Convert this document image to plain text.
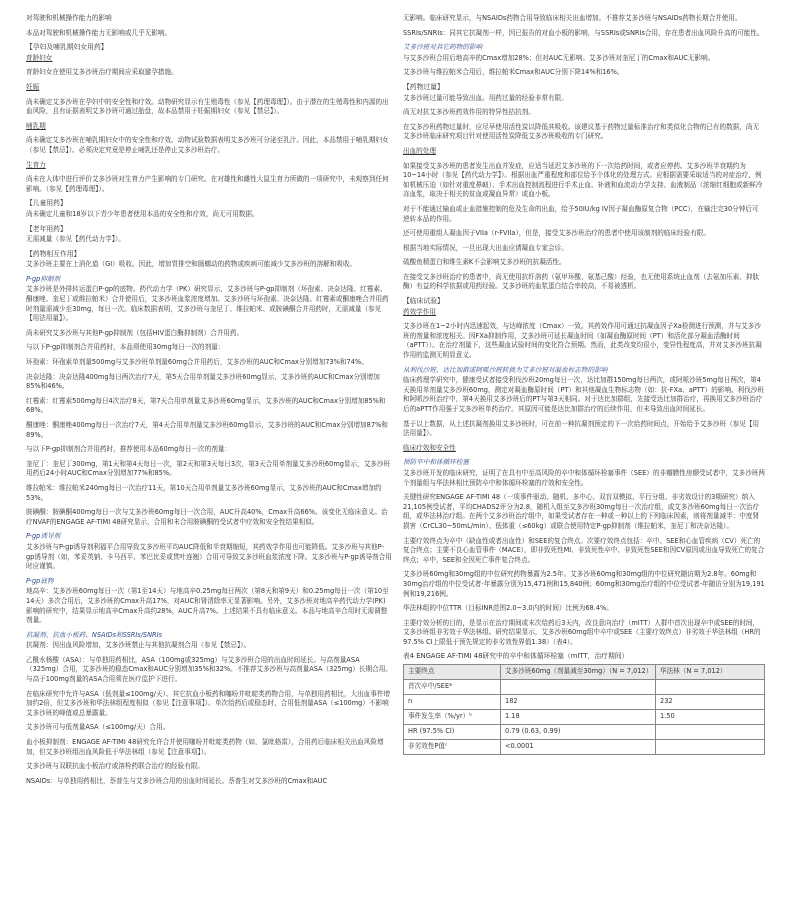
对驾驶和机械操作能力的影响

本品对驾驶和机械操作能力无影响或几乎无影响。

【孕妇及哺乳期妇女用药】

育龄妇女

育龄妇女在使用艾多沙班治疗期间应采取避孕措施。

妊娠

尚未确定艾多沙班在孕妇中的安全性和疗效。动物研究显示有生殖毒性（参见【药理毒理】）。由于潜在的生殖毒性和内源的出血风险，且有证据表明艾多沙班可通过胎盘，故本品禁用于妊娠期妇女（参见【禁忌】）。

哺乳期

尚未确定艾多沙班在哺乳期妇女中的安全性和疗效。动物试验数据表明艾多沙班可分泌至乳汁。因此，本品禁用于哺乳期妇女（参见【禁忌】）。必须决定究竟是停止哺乳还是停止艾多沙班治疗。

生育力

尚未在人体中进行评价艾多沙班对生育力产生影响的专门研究。在对雄性和雌性大鼠生育力所做的一项研究中，未观察到任何影响。（参见【药理毒理】）。

【儿童用药】

尚未确定儿童和18岁以下青少年患者使用本品的安全性和疗效，尚无可用数据。

【老年用药】

无需减量（参见【药代动力学】）。

【药物相互作用】

艾多沙班主要在上消化道（GI）吸收。因此，增加胃排空和肠蠕动的药物或疾病可能减少艾多沙班的溶解和吸收。

P-gp抑制剂

艾多沙班是外排转运蛋白P-gp的底物。药代动力学（PK）研究显示，艾多沙班与P-gp抑制剂（环孢素、决奈达隆、红霉素、酮康唑、奎尼丁或维拉帕米）合并使用后，艾多沙班血浆浓度增加。艾多沙班与环孢素、决奈达隆、红霉素或酮康唑合并用药时剂量需减少至30mg，每日一次。临床数据表明，艾多沙班与奎尼丁、维拉帕米、或胺碘酮合并用药时，无需减量（参见【用法用量】）。

尚未研究艾多沙班与其他P-gp抑制剂（包括HIV蛋白酶抑制剂）合并用药。

与以下P-gp抑制剂合并用药时，本品须使用30mg每日一次的剂量：

环孢素：环孢素单剂量500mg与艾多沙班单剂量60mg合并用药后，艾多沙班的AUC和Cmax分别增加73%和74%。

决奈达隆：决奈达隆400mg每日两次治疗7天，第5天合用单剂量艾多沙班60mg显示，艾多沙班的AUC和Cmax分别增加85%和46%。

红霉素：红霉素500mg每日4次治疗8天，第7天合用单剂量艾多沙班60mg显示，艾多沙班的AUC和Cmax分别增加85%和68%。

酮康唑：酮康唑400mg每日一次治疗7天，第4天合用单剂量艾多沙班60mg显示，艾多沙班的AUC和Cmax分别增加87%和89%。

与以下P-gp抑制剂合并用药时，推荐使用本品60mg每日一次的剂量：

奎尼丁：奎尼丁300mg，第1天和第4天每日一次，第2天和第3天每日3次，第3天合用单剂量艾多沙班60mg显示，艾多沙班用药后24小时AUC和Cmax分别增加77%和85%。

维拉帕米：维拉帕米240mg每日一次治疗11天，第10天合用单剂量艾多沙班60mg显示，艾多沙班的AUC和Cmax增加约53%。

胺碘酮：胺碘酮400mg每日一次与艾多沙班60mg每日一次合用，AUC升高40%，Cmax升高66%。该变化无临床意义。治疗NVAF的ENGAGE AF-TIMI 48研究显示，合用和未合用胺碘酮的受试者中疗效和安全性结果相似。

P-gp诱导剂

艾多沙班与P-gp诱导剂利福平合用导致艾多沙班平均AUC降低和半衰期缩短，其药效学作用也可能降低。艾多沙班与其他P-gp诱导剂（如，苯妥英钠、卡马西平、苯巴比妥或贯叶连翘）合用可导致艾多沙班血浆浓度下降。艾多沙班与P-gp诱导剂合用时应谨慎。

P-gp底物

地高辛：艾多沙班60mg每日一次（第1至14天）与地高辛0.25mg每日两次（第8天和第9天）和0.25mg每日一次（第10至14天）多次合用后，艾多沙班的Cmax升高17%，对AUC和肾清除率无显著影响。另外，艾多沙班对地高辛药代动力学(PK)影响的研究中，结果显示地高辛Cmax升高约28%，AUC升高7%。上述结果不具有临床意义。本品与地高辛合用时无需调整剂量。

抗凝剂、抗血小板药、NSAIDs和SSRIs/SNRIs

抗凝剂：因出血风险增加，艾多沙班禁止与其他抗凝剂合用（参见【禁忌】）。

乙酰水杨酸（ASA）：与单独用药相比，ASA（100mg或325mg）与艾多沙班合用的出血时间延长。与高剂量ASA（325mg）合用，艾多沙班的稳态Cmax和AUC分别增加35%和32%。不推荐艾多沙班与高剂量ASA（325mg）长期合用。与高于100mg剂量的ASA合用须在医疗监护下进行。

在临床研究中允许与ASA（低剂量≤100mg/天）、其它抗血小板药和噻吩并吡啶类药物合用，与单独用药相比，大出血事件增加约2倍，但艾多沙班和华法林组程度相似（参见【注意事项】）。单次给药后或稳态时，合用低剂量ASA（≤100mg）不影响艾多沙班的峰值或总暴露量。

艾多沙班可与低剂量ASA（≤100mg/天）合用。

血小板抑制剂：ENGAGE AF-TIMI 48研究允许合并使用噻吩并吡啶类药物（如，氯吡格雷），合用药后临床相关出血风险增加，但艾多沙班组出血风险低于华法林组（参见【注意事项】）。

艾多沙班与双联抗血小板治疗或溶栓药联合治疗的经验有限。

NSAIDs：与单独用药相比，萘普生与艾多沙班合用的出血时间延长。萘普生对艾多沙班的Cmax和AUC

无影响。临床研究显示，与NSAIDs药物合用导致临床相关出血增加。不推荐艾多沙班与NSAIDs药物长期合并使用。

SSRIs/SNRIs：同其它抗凝剂一样，因已报告的对血小板的影响，与SSRIs或SNRIs合用，存在患者出血风险升高的可能性。

艾多沙班对其它药物的影响

与艾多沙班合用后地高辛的Cmax增加28%；但对AUC无影响。艾多沙班对奎尼丁的Cmax和AUC无影响。

艾多沙班与维拉帕米合用后，维拉帕米Cmax和AUC分别下降14%和16%。

【药物过量】

艾多沙班过量可能导致出血。用药过量的经验非常有限。

尚无对抗艾多沙班药效作用的特异性拮抗剂。

在艾多沙班药物过量时，应尽早使用活性炭以降低其吸收。该建议基于药物过量标准治疗和类似化合物的已有的数据，尚无艾多沙班临床研究项目针对使用活性炭降低艾多沙班吸收的专门研究。

出血的处理

如果接受艾多沙班的患者发生出血并发症，应适当延迟艾多沙班的下一次给药时间，或者应停药。艾多沙班半衰期约为10~14小时（参见【药代动力学】）。根据出血严重程度和部位给予个体化的处理方式。应根据需要采取适当的对症治疗，例如机械压迫（如针对重度鼻衄）、手术出血控制流程进行手术止血、补液和血流动力学支持、血液制品（浓缩红细胞或新鲜冷冻血浆，取决于相关的贫血或凝血异常）或血小板。

对于不能通过输血或止血措施控制的危及生命的出血，给予50IU/kg IV因子凝血酶原复合物（PCC），在输注完30分钟后可逆转本品的作用。

还可使用重组人凝血因子VIIa（r-FVIIa），但是，接受艾多沙班治疗的患者中使用该制剂的临床经验有限。

根据当地实际情况，一旦出现大出血应请凝血专家会诊。

硫酸鱼精蛋白和维生素K不会影响艾多沙班的抗凝活性。

在接受艾多沙班治疗的患者中，尚无使用抗纤溶药（氨甲环酸、氨基己酸）经验，也无使用系统止血剂（去氨加压素、抑肽酶）有益的科学依据或用药经验。艾多沙班的血浆蛋白结合率较高，不易被透析。

【临床试验】

药效学作用

艾多沙班在1~2小时内迅速起效，与达峰浓度（Cmax）一致。其药效作用可通过抗凝血因子Xa检测进行预测，并与艾多沙班的剂量和浓度相关。因FXa抑制作用，艾多沙班可延长凝血时间（如凝血酶原时间（PT）和活化部分凝血活酶时间（aPTT））。在治疗剂量下，这些凝血试验时间的变化符合预期。然而，此类改变均很小，变异性程度高，并对艾多沙班抗凝作用的监测无明显意义。

从利伐沙班、达比加群或阿哌沙班转换为艾多沙班对凝血标志物的影响

临床药理学研究中，健康受试者接受利伐沙班20mg每日一次，达比加群150mg每日两次，或阿哌沙班5mg每日两次，第4天换用单剂量艾多沙班60mg，测定对凝血酶原时间（PT）和其他凝血生物标志物（如：抗-FXa、aPTT）的影响。利伐沙班和阿哌沙班治疗中，第4天换用艾多沙班后的PT与第3天相同。对于达比加群组，先接受达比加群治疗，再换用艾多沙班治疗后的aPTT作用强于艾多沙班单药治疗。其原因可能是达比加群治疗的后续作用，但未导致出血时间延长。

基于以上数据，从上述抗凝剂换用艾多沙班时，可在前一种抗凝剂预定的下一次给药时间点，开始给予艾多沙班（参见【用法用量】）。

临床疗效和安全性

预防卒中和体循环栓塞

艾多沙班开发的临床研究，证明了在具有中至高风险的卒中和体循环栓塞事件（SEE）的非瓣膜性房颤受试者中，艾多沙班两个剂量组与华法林相比预防卒中和体循环栓塞的疗效和安全性。

关键性研究ENGAGE AF-TIMI 48（一项事件驱动、随机、多中心、双盲双模拟、平行分组、非劣效设计的3期研究）纳入21,105例受试者，平均CHADS2评分为2.8，随机入组至艾多沙班30mg每日一次治疗组，或艾多沙班60mg每日一次治疗组，或华法林治疗组。在两个艾多沙班治疗组中，如果受试者存在一种或一种以上的下列临床因素，则将剂量减半：中度肾损害（CrCL30~50mL/min）、低体重（≤60kg）或联合使用特定P-gp抑制剂（维拉帕米，奎尼丁和决奈达隆）。

主要疗效终点为卒中（缺血性或者出血性）和SEE的复合终点。次要疗效终点包括：卒中、SEE和心血管疾病（CV）死亡的复合终点；主要不良心血管事件（MACE），即非致死性MI、非致死性卒中、非致死性SEE和因CV原因或出血导致死亡的复合终点；卒中，SEE和全因死亡事件复合终点。

艾多沙班60mg和30mg组的中位研究药物暴露为2.5年。艾多沙班60mg和30mg组的中位研究随访期为2.8年。60mg和30mg治疗组的中位受试者-年暴露分别为15,471例和15,840例；60mg和30mg治疗组的中位受试者-年随访分别为19,191例和19,216例。

华法林组的中位TTR（目标INR范围2.0~3.0内的时间）比例为68.4%。

主要疗效分析的目的，是显示在治疗期间或末次给药后3天内，改良意向治疗（mITT）人群中首次出现卒中或SEE的时间，艾多沙班组非劣效于华法林组。研究结果显示，艾多沙班60mg组中卒中或SEE（主要疗效终点）非劣效于华法林组（HR的97.5% CI上限低于预先规定的非劣效性界值1.38）（表4）。

表4 ENGAGE AF-TIMI 48研究中的卒中和体循环栓塞（mITT，治疗期间）
主要终点	艾多沙班60mg（剂量减至30mg）（N = 7,012）	华法林（N = 7,012）
首次卒中/SEE*		
n	182	232
事件发生率（%/yr）ᵇ	1.18	1.50
HR (97.5% CI)	0.79 (0.63, 0.99)	
非劣效性P值ᶜ	<0.0001	
